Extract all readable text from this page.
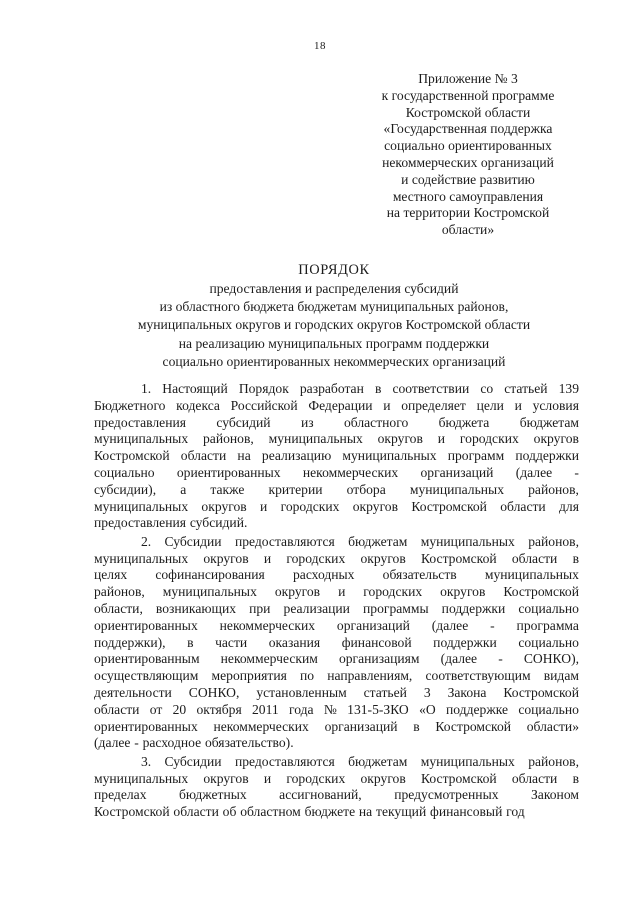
18
Приложение № 3
к государственной программе
Костромской области
«Государственная поддержка
социально ориентированных
некоммерческих организаций
и содействие развитию
местного самоуправления
на территории Костромской
области»
ПОРЯДОК
предоставления и распределения субсидий
из областного бюджета бюджетам муниципальных районов,
муниципальных округов и городских округов Костромской области
на реализацию муниципальных программ поддержки
социально ориентированных некоммерческих организаций
1. Настоящий Порядок разработан в соответствии со статьей 139
Бюджетного кодекса Российской Федерации и определяет цели и условия
предоставления субсидий из областного бюджета бюджетам
муниципальных районов, муниципальных округов и городских округов
Костромской области на реализацию муниципальных программ поддержки
социально ориентированных некоммерческих организаций (далее -
субсидии), а также критерии отбора муниципальных районов,
муниципальных округов и городских округов Костромской области для
предоставления субсидий.
2. Субсидии предоставляются бюджетам муниципальных районов,
муниципальных округов и городских округов Костромской области в
целях софинансирования расходных обязательств муниципальных
районов, муниципальных округов и городских округов Костромской
области, возникающих при реализации программы поддержки социально
ориентированных некоммерческих организаций (далее - программа
поддержки), в части оказания финансовой поддержки социально
ориентированным некоммерческим организациям (далее - СОНКО),
осуществляющим мероприятия по направлениям, соответствующим видам
деятельности СОНКО, установленным статьей 3 Закона Костромской
области от 20 октября 2011 года № 131-5-ЗКО «О поддержке социально
ориентированных некоммерческих организаций в Костромской области»
(далее - расходное обязательство).
3. Субсидии предоставляются бюджетам муниципальных районов,
муниципальных округов и городских округов Костромской области в
пределах бюджетных ассигнований, предусмотренных Законом
Костромской области об областном бюджете на текущий финансовый год
